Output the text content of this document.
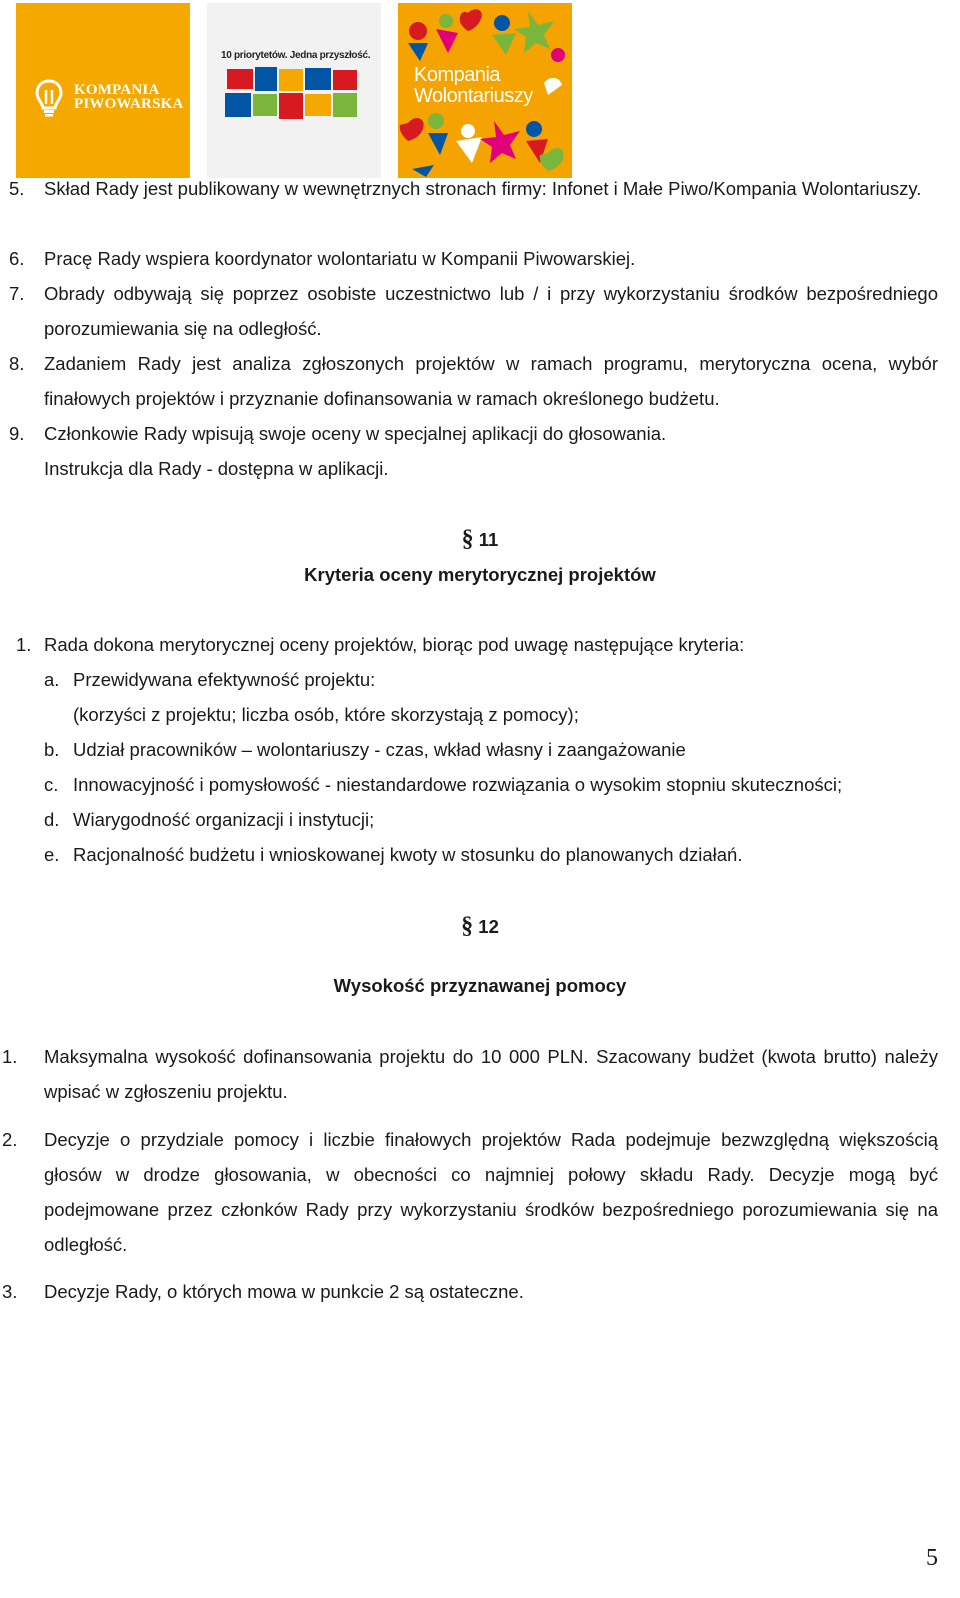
KOMPANIA
PIWOWARSKA
10 priorytetów. Jedna przyszłość.
Kompania
Wolontariuszy
5. Skład Rady jest publikowany w wewnętrznych stronach firmy: Infonet i Małe Piwo/Kompania Wolontariuszy.
6. Pracę Rady wspiera koordynator wolontariatu w Kompanii Piwowarskiej.
7. Obrady odbywają się poprzez osobiste uczestnictwo lub / i przy wykorzystaniu środków bezpośredniego porozumiewania się na odległość.
8. Zadaniem Rady jest analiza zgłoszonych projektów w ramach programu, merytoryczna ocena, wybór finałowych projektów i przyznanie dofinansowania w ramach określonego budżetu.
9. Członkowie Rady wpisują swoje oceny w specjalnej aplikacji do głosowania.
Instrukcja dla Rady - dostępna w aplikacji.
§ 11
Kryteria oceny merytorycznej projektów
1. Rada dokona merytorycznej oceny projektów, biorąc pod uwagę następujące kryteria:
a. Przewidywana efektywność projektu:
(korzyści z projektu; liczba osób, które skorzystają z pomocy);
b. Udział pracowników – wolontariuszy - czas, wkład własny i zaangażowanie
c. Innowacyjność i pomysłowość - niestandardowe rozwiązania o wysokim stopniu skuteczności;
d. Wiarygodność organizacji i instytucji;
e. Racjonalność budżetu i wnioskowanej kwoty w stosunku do planowanych działań.
§ 12
Wysokość przyznawanej pomocy
1. Maksymalna wysokość dofinansowania projektu do 10 000 PLN. Szacowany budżet (kwota brutto) należy wpisać w zgłoszeniu projektu.
2. Decyzje o przydziale pomocy i liczbie finałowych projektów Rada podejmuje bezwzględną większością głosów w drodze głosowania, w obecności co najmniej połowy składu Rady. Decyzje mogą być podejmowane przez członków Rady przy wykorzystaniu środków bezpośredniego porozumiewania się na odległość.
3. Decyzje Rady, o których mowa w punkcie 2 są ostateczne.
5
